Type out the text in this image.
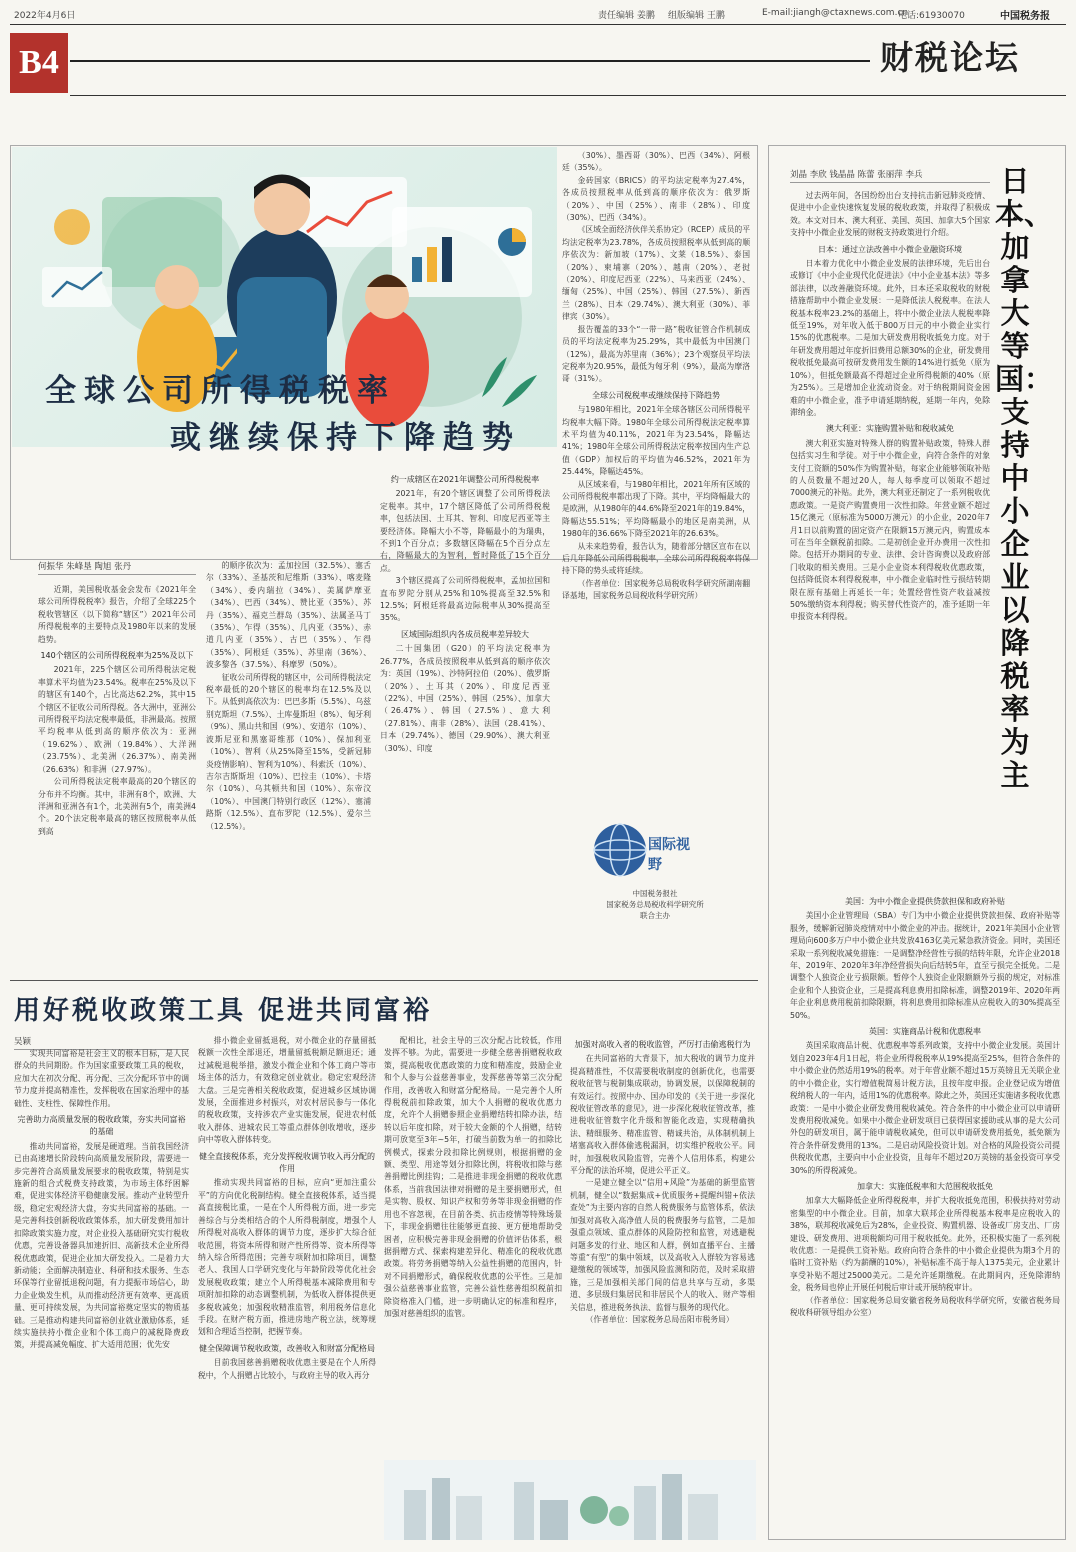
2022年4月6日	责任编辑 姜鹏 组版编辑 王鹏	E-mail:jiangh@ctaxnews.com.cn
电话:61930070	中国税务报
B4	财税论坛
全球公司所得税税率
或继续保持下降趋势
何振华 朱峰垦 陶旭 张丹

近期，美国税收基金会发布《2021年全球公司所得税税率》报告，介绍了全球225个税收管辖区（以下简称“辖区”）2021年公司所得税税率的主要特点及1980年以来的发展趋势。

140个辖区的公司所得税税率为25%及以下

2021年，225个辖区公司所得税法定税率算术平均值为23.54%。税率在25%及以下的辖区有140个，占比高达62.2%，其中15个辖区不征收公司所得税。各大洲中，亚洲公司所得税平均法定税率最低，非洲最高。按照平均税率从低到高的顺序依次为：亚洲（19.62%）、欧洲（19.84%）、大洋洲（23.75%）、北美洲（26.37%）、南美洲（26.63%）和非洲（27.97%）。

公司所得税法定税率最高的20个辖区的分布并不均衡。其中，非洲有8个，欧洲、大洋洲和亚洲各有1个，北美洲有5个，南美洲4个。20个法定税率最高的辖区按照税率从低到高

的顺序依次为：孟加拉国（32.5%）、塞舌尔（33%）、圣基茨和尼维斯（33%）、喀麦隆（34%）、委内瑞拉（34%）、美属萨摩亚（34%）、巴西（34%）、赞比亚（35%）、苏丹（35%）、福克兰群岛（35%）、法属圣马丁（35%）、乍得（35%）、几内亚（35%）、赤道几内亚（35%）、古巴（35%）、乍得（35%）、阿根廷（35%）、苏里南（36%）、波多黎各（37.5%）、科摩罗（50%）。

征收公司所得税的辖区中，公司所得税法定税率最低的20个辖区的税率均在12.5%及以下。从低到高依次为：巴巴多斯（5.5%）、乌兹别克斯坦（7.5%）、土库曼斯坦（8%）、匈牙利（9%）、黑山共和国（9%）、安道尔（10%）、波斯尼亚和黑塞哥维那（10%）、保加利亚（10%）、智利（从25%降至15%，受新冠肺炎疫情影响）、智利为10%）、科索沃（10%）、吉尔吉斯斯坦（10%）、巴拉圭（10%）、卡塔尔（10%）、乌其顿共和国（10%）、东帝汶（10%）、中国澳门特别行政区（12%）、塞浦路斯（12.5%）、直布罗陀（12.5%）、爱尔兰（12.5%）。

约一成辖区在2021年调整公司所得税税率

2021年，有20个辖区调整了公司所得税法定税率。其中，17个辖区降低了公司所得税税率，包括法国、土耳其、智利、印度尼西亚等主要经济体。降幅大小不等，降幅最小的为瑞典，不到1个百分点；多数辖区降幅在5个百分点左右，降幅最大的为智利，暂时降低了15个百分点。

3个辖区提高了公司所得税税率，孟加拉国和直布罗陀分别从25%和10%提高至32.5%和12.5%；阿根廷将最高边际税率从30%提高至35%。

区域国际组织内各成员税率差异较大

二十国集团（G20）的平均法定税率为26.77%，各成员按照税率从低到高的顺序依次为：英国（19%）、沙特阿拉伯（20%）、俄罗斯（20%）、土耳其（20%）、印度尼西亚（22%）、中国（25%）、韩国（25%）、加拿大（26.47%）、韩国（27.5%）、意大利（27.81%）、南非（28%）、法国（28.41%）、日本（29.74%）、德国（29.90%）、澳大利亚（30%）、印度

（30%）、墨西哥（30%）、巴西（34%）、阿根廷（35%）。

金砖国家（BRICS）的平均法定税率为27.4%，各成员按照税率从低到高的顺序依次为：俄罗斯（20%）、中国（25%）、南非（28%）、印度（30%）、巴西（34%）。

《区域全面经济伙伴关系协定》（RCEP）成员的平均法定税率为23.78%，各成员按照税率从低到高的顺序依次为：新加坡（17%）、文莱（18.5%）、泰国（20%）、柬埔寨（20%）、越南（20%）、老挝（20%）、印度尼西亚（22%）、马来西亚（24%）、缅甸（25%）、中国（25%）、韩国（27.5%）、新西兰（28%）、日本（29.74%）、澳大利亚（30%）、菲律宾（30%）。

报告覆盖的33个“一带一路”税收征管合作机制成员的平均法定税率为25.29%，其中最低为中国澳门（12%），最高为苏里南（36%）；23个观察员平均法定税率为20.95%，最低为匈牙利（9%），最高为摩洛哥（31%）。

全球公司税税率或继续保持下降趋势

与1980年相比，2021年全球各辖区公司所得税平均税率大幅下降。1980年全球公司所得税法定税率算术平均值为40.11%，2021年为23.54%，降幅达41%；1980年全球公司所得税法定税率按国内生产总值（GDP）加权后的平均值为46.52%，2021年为25.44%，降幅达45%。

从区域来看，与1980年相比，2021年所有区域的公司所得税税率都出现了下降。其中，平均降幅最大的是欧洲，从1980年的44.6%降至2021年的19.84%，降幅达55.51%；平均降幅最小的地区是南美洲，从1980年的36.66%下降至2021年的26.63%。

从未来趋势看，报告认为，随着部分辖区宣布在以后几年降低公司所得税税率，全球公司所得税税率将保持下降的势头或将延续。

（作者单位：国家税务总局税收科学研究所湖南翻译基地，国家税务总局税收科学研究所）

国际视野
中国税务报社
国家税务总局税收科学研究所
联合主办
用好税收政策工具 促进共同富裕
吴颖

实现共同富裕是社会主义的根本目标，是人民群众的共同期盼。作为国家重要政策工具的税收，应加大在初次分配、再分配、三次分配环节中的调节力度并提高精准性，发挥税收在国家治理中的基础性、支柱性、保障性作用。

完善助力高质量发展的税收政策，夯实共同富裕的基础

推动共同富裕，发展是硬道理。当前我国经济已由高速增长阶段转向高质量发展阶段，需要进一步完善符合高质量发展要求的税收政策，特别是实施新的组合式税费支持政策，为市场主体纾困解难，促进实体经济平稳健康发展。推动产业转型升级，稳定宏观经济大盘，夯实共同富裕的基础。一是完善科技创新税收政策体系，加大研发费用加计扣除政策实施力度，对企业投入基础研究实行税收优惠，完善设备器具加速折旧、高新技术企业所得税优惠政策，促进企业加大研发投入。二是着力大新动能；全面解决制造业、科研和技术服务、生态环保等行业留抵退税问题，有力提振市场信心，助力企业焕发生机，从而推动经济更有效率、更高质量、更可持续发展，为共同富裕奠定坚实的物质基础。三是推动构建共同富裕创业就业激励体系，延续实施扶持小微企业和个体工商户的减税降费政策，并提高减免幅度、扩大适用范围；优先安

排小微企业留抵退税，对小微企业的存量留抵税额一次性全部退还，增量留抵税额足额退还；通过减税退税举措，激发小微企业和个体工商户等市场主体的活力，有效稳定创业就业。稳定宏观经济大盘。三是完善相关税收政策，促进城乡区域协调发展，全面推进乡村振兴，对农村居民参与一体化的税收政策，支持涉农产业实施发展，促进农村低收入群体、进城农民工等重点群体创收增收，逐步向中等收入群体转变。

健全直接税体系，充分发挥税收调节收入再分配的作用

推动实现共同富裕的目标，应向“更加注重公平”的方向优化税制结构。健全直接税体系，适当提高直接税比重，一是在个人所得税方面，进一步完善综合与分类相结合的个人所得税制度，增强个人所得税对高收入群体的调节力度，逐步扩大综合征收范围，将资本所得和财产性所得等、资本所得等纳入综合所得范围；完善专项附加扣除项目，调整老人、我国人口学研究变化与年龄阶段等优化社会发展税收政策；建立个人所得税基本减除费用和专项附加扣除的动态调整机制，为低收入群体提供更多税收减免；加强税收精准监管，利用税务信息化手段。在财产税方面，推进房地产税立法，统筹规划和合理适当控制，把握节奏。

健全保障调节税收政策，改善收入和财富分配格局

目前我国慈善捐赠税收优惠主要是在个人所得税中，个人捐赠占比较小，与政府主导的收入再分

配相比，社会主导的三次分配占比较低，作用发挥不够。为此，需要进一步健全慈善捐赠税收政策，提高税收优惠政策的力度和精准度，鼓励企业和个人参与公益慈善事业，发挥慈善等第三次分配作用，改善收入和财富分配格局。一是完善个人所得税税前扣除政策，加大个人捐赠的税收优惠力度，允许个人捐赠参照企业捐赠结转扣除办法，结转以后年度扣除，对于较大金额的个人捐赠，结转期可放宽至3年~5年，打破当前数为单一的扣除比例模式，探索分段扣除比例规则，根据捐赠的金额、类型、用途等划分扣除比例，将税收扣除与慈善捐赠比例挂钩；二是推进非现金捐赠的税收优惠体系，当前我国法律对捐赠的是主要捐赠形式，但是实物、股权、知识产权和劳务等非现金捐赠的作用也不容忽视，在目前各类、抗击疫情等特殊场景下，非现金捐赠往往能够更直接、更方便地帮助受困者，应积极完善非现金捐赠的价值评估体系，根据捐赠方式、探索构建差异化、精准化的税收优惠政策。将劳务捐赠等纳入公益性捐赠的范围内，针对不同捐赠形式，确保税收优惠的公平性。三是加强公益慈善事业监管，完善公益性慈善组织税前扣除资格准入门槛，进一步明确认定的标准和程序，加强对慈善组织的监管。

加强对高收入者的税收监管，严厉打击偷逃税行为

在共同富裕的大背景下，加大税收的调节力度并提高精准性，不仅需要税收制度的创新优化，也需要税收征管与税制集成联动，协调发展，以保障税制的有效运行。按照中办、国办印发的《关于进一步深化税收征管改革的意见》，进一步深化税收征管改革，推进税收征管数字化升级和智能化改造，实现精确执法、精细服务、精准监管、精诚共治，从体制机制上堵塞高收入群体偷逃税漏洞，切实维护税收公平。同时，加强税收风险监管，完善个人信用体系，构建公平分配的法治环境，促进公平正义。

一是建立健全以“信用+风险”为基础的新型监管机制，健全以“数据集成+优质服务+提醒纠错+依法查处”为主要内容的自然人税费服务与监管体系，依法加强对高收入高净值人员的税费服务与监管，二是加强重点领域、重点群体的风险防控和监管，对逃避税问题多发的行业、地区和人群，例如直播平台、主播等重“有型”的集中领域，以及高收入人群较为容易逃避缴税的领域等，加强风险监测和防范，及时采取措施，三是加强相关部门间的信息共享与互动，多渠道、多层级归集居民和非居民个人的收入、财产等相关信息，推进税务执法、监督与服务的现代化。

（作者单位：国家税务总局岳阳市税务局）

刘晶 李欣 钱晶晶 陈蕾 张丽萍 李兵	日本、加拿大等国：支持中小企业以降税率为主

过去两年间，各国纷纷出台支持抗击新冠肺炎疫情、促进中小企业快速恢复发展的税收政策，并取得了积极成效。本文对日本、澳大利亚、美国、英国、加拿大5个国家支持中小微企业发展的财税支持政策进行介绍。

日本：通过立法改善中小微企业融资环境

日本着力优化中小微企业发展的法律环境，先后出台或修订《中小企业现代化促进法》《中小企业基本法》等多部法律，以改善融资环境。此外，日本还采取税收的财税措施帮助中小微企业发展：一是降低法人税税率。在法人税基本税率23.2%的基础上，将中小微企业法人税税率降低至19%，对年收入低于800万日元的中小微企业实行15%的优惠税率。二是加大研发费用税收抵免力度。对于年研发费用超过年度折旧费用总额30%的企业，研发费用税收抵免最高可按研发费用发生额的14%进行抵免（原为10%），但抵免额最高不得超过企业所得税额的40%（原为25%）。三是增加企业流动资金。对于纳税期间资金困难的中小微企业，准予申请延期纳税，延期一年内，免除滞纳金。

澳大利亚：实施购置补贴和税收减免

澳大利亚实施对特殊人群的购置补贴政策，特殊人群包括实习生和学徒。对于中小微企业，向符合条件的对象支付工资额的50%作为购置补贴，每家企业能够领取补贴的人员数量不超过20人，每人每季度可以领取不超过7000澳元的补贴。此外，澳大利亚还制定了一系列税收优惠政策。一是资产购置费用一次性扣除。年营业额不超过15亿澳元（原标准为5000万澳元）的小企业，2020年7月1日以前购置的固定资产在限额15万澳元内，购置成本可在当年全额税前扣除。二是初创企业开办费用一次性扣除。包括开办期间的专业、法律、会计咨询费以及政府部门收取的相关费用。三是小企业资本利得税收优惠政策，包括降低资本利得税税率，中小微企业临时性亏损结转期限在原有基础上再延长一年；处置经营性资产收益减按50%缴纳资本利得税；购买替代性资产的，准予延期一年申报资本利得税。

美国：为中小微企业提供贷款担保和政府补贴

美国小企业管理局（SBA）专门为中小微企业提供贷款担保、政府补贴等服务，缓解新冠肺炎疫情对中小微企业的冲击。据统计，2021年美国小企业管理局向600多万户中小微企业共发放4163亿美元紧急救济资金。同时，美国还采取一系列税收减免措施：一是调整净经营性亏损的结转年限，允许企业2018年、2019年、2020年3年净经营损失向后结转5年，直至亏损完全抵免。二是调整个人独资企业亏损限额。暂停个人独资企业限额额外亏损的规定，对标准企业和个人独资企业，三是提高利息费用扣除标准，调整2019年、2020年两年企业利息费用税前扣除限额，将利息费用扣除标准从应税收入的30%提高至50%。

英国：实施商品计税和优惠税率

英国采取商品计税、优惠税率等系列政策，支持中小微企业发展。英国计划自2023年4月1日起，将企业所得税税率从19%提高至25%，但符合条件的中小微企业仍然适用19%的税率。对于年营业额不超过15万英镑且无关联企业的中小微企业，实行增值税简易计税方法，且按年度申报。企业登记成为增值税纳税人的一年内，适用1%的优惠税率。除此之外，英国还实施诸多税收优惠政策：一是中小微企业研发费用税收减免。符合条件的中小微企业可以申请研发费用税收减免。如果中小微企业研发项目已获得国家援助或从事的是大公司外包的研发项目，属于能申请税收减免，但可以申请研发费用抵免，抵免额为符合条件研发费用的13%。二是启动风险投资计划。对合格的风险投资公司提供税收优惠，主要向中小企业投资，且每年不超过20万英镑的基金投资可享受30%的所得税减免。

加拿大：实施低税率和大范围税收抵免

加拿大大幅降低企业所得税税率，并扩大税收抵免范围，积极扶持对劳动密集型的中小微企业。目前，加拿大联邦企业所得税基本税率是应税收入的38%，联邦税收减免后为28%，企业投资、购置机器、设备或厂房支出、厂房建设、研发费用、进项税额均可用于税收抵免。此外，还积极实施了一系列税收优惠：一是提供工资补贴。政府向符合条件的中小微企业提供为期3个月的临时工资补贴（约为薪酬的10%），补贴标准不高于每人1375美元，企业累计享受补贴不超过25000美元。二是允许延期缴税。在此期间内，还免除滞纳金，税务局也停止开展任何税后审计或开展纳税审计。

（作者单位：国家税务总局安徽省税务局税收科学研究所，安徽省税务局税收科研领导组办公室）
